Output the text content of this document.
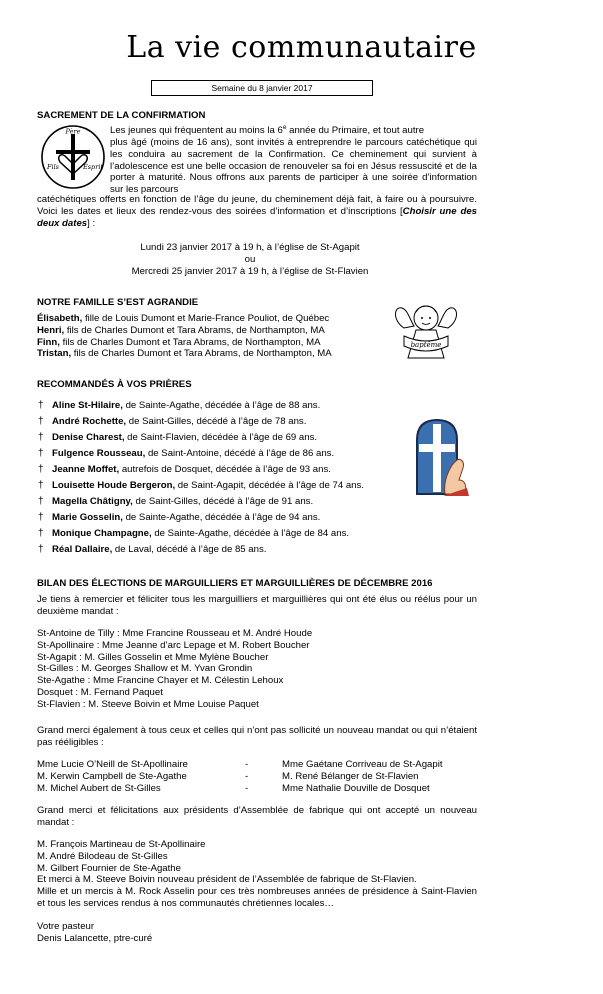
La vie communautaire
Semaine du 8 janvier 2017
SACREMENT DE LA CONFIRMATION
Père
Fils	Esprit

Les jeunes qui fréquentent au moins la 6e année du Primaire, et tout autre

plus âgé (moins de 16 ans), sont invités à entreprendre le parcours catéchétique qui les conduira au sacrement de la Confirmation. Ce cheminement qui survient à l’adolescence est une belle occasion de renouveler sa foi en Jésus ressuscité et de la porter à maturité. Nous offrons aux parents de participer à une soirée d’information sur les parcours

catéchétiques offerts en fonction de l’âge du jeune, du cheminement déjà fait, à faire ou à poursuivre. Voici les dates et lieux des rendez-vous des soirées d’information et d’inscriptions [Choisir une des deux dates] :
Lundi 23 janvier 2017 à 19 h, à l’église de St-Agapit
ou
Mercredi 25 janvier 2017 à 19 h, à l’église de St-Flavien
NOTRE FAMILLE S’EST AGRANDIE

Élisabeth, fille de Louis Dumont et Marie-France Pouliot, de Québec

Henri, fils de Charles Dumont et Tara Abrams, de Northampton, MA

Finn, fils de Charles Dumont et Tara Abrams, de Northampton, MA

Tristan, fils de Charles Dumont et Tara Abrams, de Northampton, MA

baptême
RECOMMANDÉS À VOS PRIÈRES
† Aline St-Hilaire, de Sainte-Agathe, décédée à l’âge de 88 ans.
† André Rochette, de Saint-Gilles, décédé à l’âge de 78 ans.
† Denise Charest, de Saint-Flavien, décédée à l’âge de 69 ans.
† Fulgence Rousseau, de Saint-Antoine, décédé à l’âge de 86 ans.
† Jeanne Moffet, autrefois de Dosquet, décédée à l’âge de 93 ans.
† Louisette Houde Bergeron, de Saint-Agapit, décédée à l’âge de 74 ans.
† Magella Châtigny, de Saint-Gilles, décédé à l’âge de 91 ans.
† Marie Gosselin, de Sainte-Agathe, décédée à l’âge de 94 ans.
† Monique Champagne, de Sainte-Agathe, décédée à l’âge de 84 ans.
† Réal Dallaire, de Laval, décédé à l’âge de 85 ans.
BILAN DES ÉLECTIONS DE MARGUILLIERS ET MARGUILLIÈRES DE DÉCEMBRE 2016
Je tiens à remercier et féliciter tous les marguilliers et marguillières qui ont été élus ou réélus pour un deuxième mandat :

St-Antoine de Tilly : Mme Francine Rousseau et M. André Houde

St-Apollinaire : Mme Jeanne d’arc Lepage et M. Robert Boucher

St-Agapit : M. Gilles Gosselin et Mme Mylène Boucher

St-Gilles : M. Georges Shallow et M. Yvan Grondin

Ste-Agathe : Mme Francine Chayer et M. Célestin Lehoux

Dosquet : M. Fernand Paquet

St-Flavien : M. Steeve Boivin et Mme Louise Paquet

Grand merci également à tous ceux et celles qui n’ont pas sollicité un nouveau mandat ou qui n’étaient pas rééligibles :

Mme Lucie O’Neill de St-Apollinaire

M. Kerwin Campbell de Ste-Agathe

M. Michel Aubert de St-Gilles

-

-

-

Mme Gaétane Corriveau de St-Agapit

M. René Bélanger de St-Flavien

Mme Nathalie Douville de Dosquet

Grand merci et félicitations aux présidents d’Assemblée de fabrique qui ont accepté un nouveau mandat :

M. François Martineau de St-Apollinaire

M. André Bilodeau de St-Gilles

M. Gilbert Fournier de Ste-Agathe

Et merci à M. Steeve Boivin nouveau président de l’Assemblée de fabrique de St-Flavien.

Mille et un mercis à M. Rock Asselin pour ces très nombreuses années de présidence à Saint-Flavien et tous les services rendus à nos communautés chrétiennes locales…

Votre pasteur

Denis Lalancette, ptre-curé
